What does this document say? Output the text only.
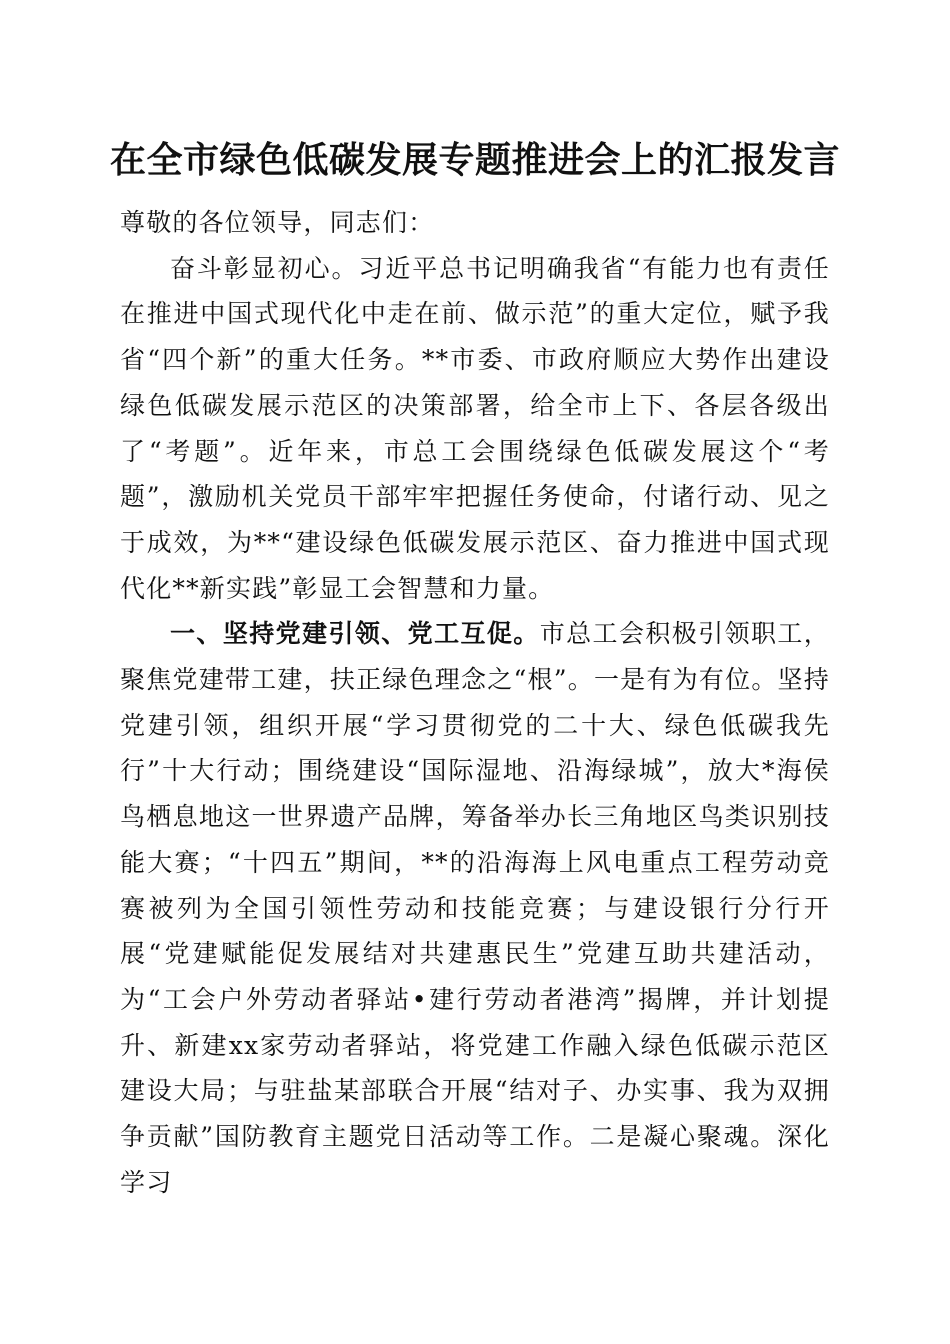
在全市绿色低碳发展专题推进会上的汇报发言

尊敬的各位领导，同志们：

奋斗彰显初心。习近平总书记明确我省“有能力也有责任在推进中国式现代化中走在前、做示范”的重大定位，赋予我省“四个新”的重大任务。**市委、市政府顺应大势作出建设绿色低碳发展示范区的决策部署，给全市上下、各层各级出了“考题”。近年来，市总工会围绕绿色低碳发展这个“考题”，激励机关党员干部牢牢把握任务使命，付诸行动、见之于成效，为**“建设绿色低碳发展示范区、奋力推进中国式现代化**新实践”彰显工会智慧和力量。

一、坚持党建引领、党工互促。市总工会积极引领职工，聚焦党建带工建，扶正绿色理念之“根”。一是有为有位。坚持党建引领，组织开展“学习贯彻党的二十大、绿色低碳我先行”十大行动；围绕建设“国际湿地、沿海绿城”，放大*海侯鸟栖息地这一世界遗产品牌，筹备举办长三角地区鸟类识别技能大赛；“十四五”期间，**的沿海海上风电重点工程劳动竞赛被列为全国引领性劳动和技能竞赛；与建设银行分行开展“党建赋能促发展结对共建惠民生”党建互助共建活动，为“工会户外劳动者驿站•建行劳动者港湾”揭牌，并计划提升、新建xx家劳动者驿站，将党建工作融入绿色低碳示范区建设大局；与驻盐某部联合开展“结对子、办实事、我为双拥争贡献”国防教育主题党日活动等工作。二是凝心聚魂。深化学习
